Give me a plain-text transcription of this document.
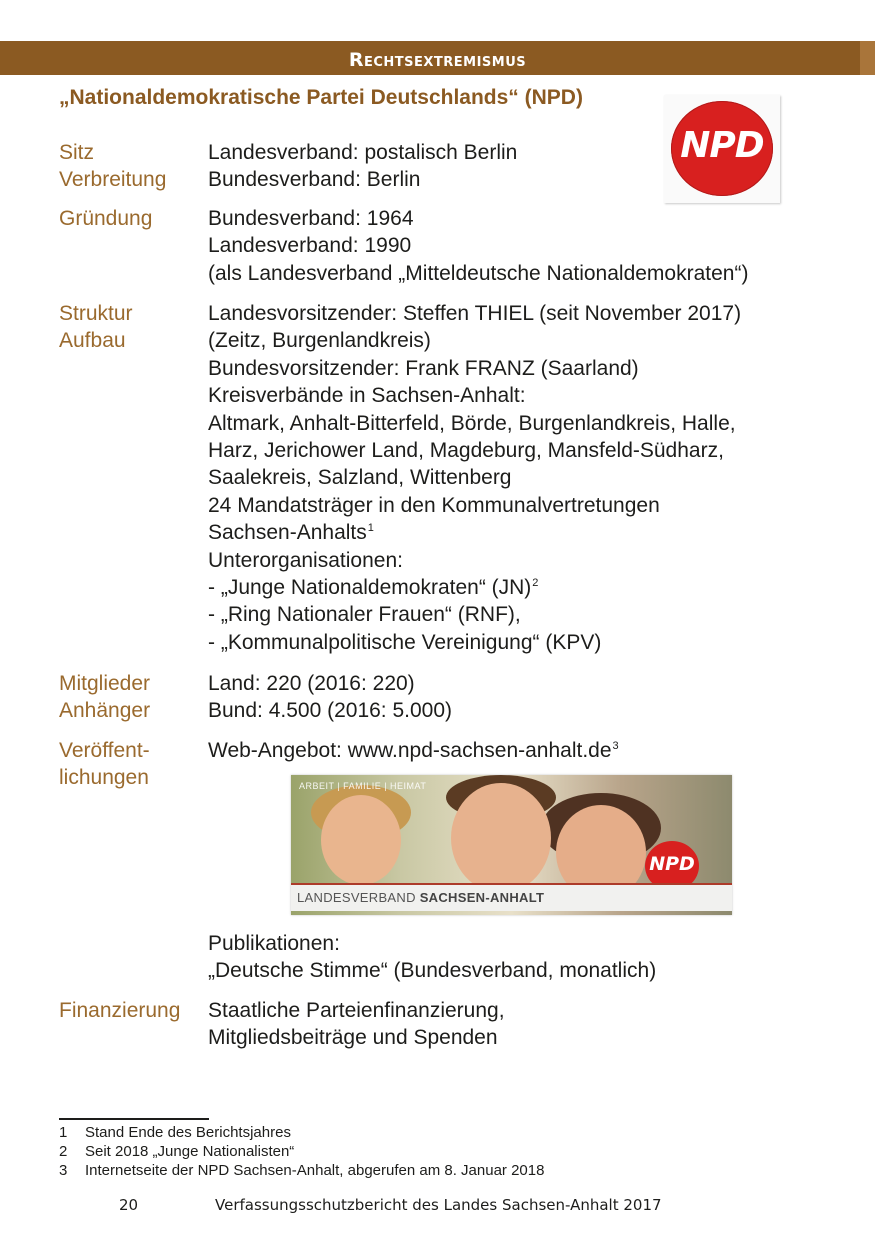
Rechtsextremismus
„Nationaldemokratische Partei Deutschlands“ (NPD)
NPD
Sitz
Verbreitung
Landesverband: postalisch Berlin
Bundesverband: Berlin
Gründung	Bundesverband: 1964
Landesverband: 1990
(als Landesverband „Mitteldeutsche Nationaldemokraten“)
Struktur
Aufbau
Landesvorsitzender: Steffen THIEL (seit November 2017)
(Zeitz, Burgenlandkreis)
Bundesvorsitzender: Frank FRANZ (Saarland)
Kreisverbände in Sachsen-Anhalt:
Altmark, Anhalt-Bitterfeld, Börde, Burgenlandkreis, Halle,
Harz, Jerichower Land, Magdeburg, Mansfeld-Südharz,
Saalekreis, Salzland, Wittenberg
24 Mandatsträger in den Kommunalvertretungen
Sachsen-Anhalts$^1$
Unterorganisationen:
- „Junge Nationaldemokraten“ (JN)$^2$
- „Ring Nationaler Frauen“ (RNF),
- „Kommunalpolitische Vereinigung“ (KPV)
Mitglieder
Anhänger
Land: 220 (2016: 220)
Bund: 4.500 (2016: 5.000)
Veröffent-
lichungen
Web-Angebot: $www.npd-sachsen-anhalt.de^3$
ARBEIT | FAMILIE | HEIMAT
NPD
LANDESVERBAND SACHSEN-ANHALT
Publikationen:
„Deutsche Stimme“ (Bundesverband, monatlich)
Finanzierung Staatliche Parteienfinanzierung,
Mitgliedsbeiträge und Spenden
1 Stand Ende des Berichtsjahres
2 Seit 2018 „Junge Nationalisten“
3 Internetseite der NPD Sachsen-Anhalt, abgerufen am 8. Januar 2018
20	Verfassungsschutzbericht des Landes Sachsen-Anhalt 2017
